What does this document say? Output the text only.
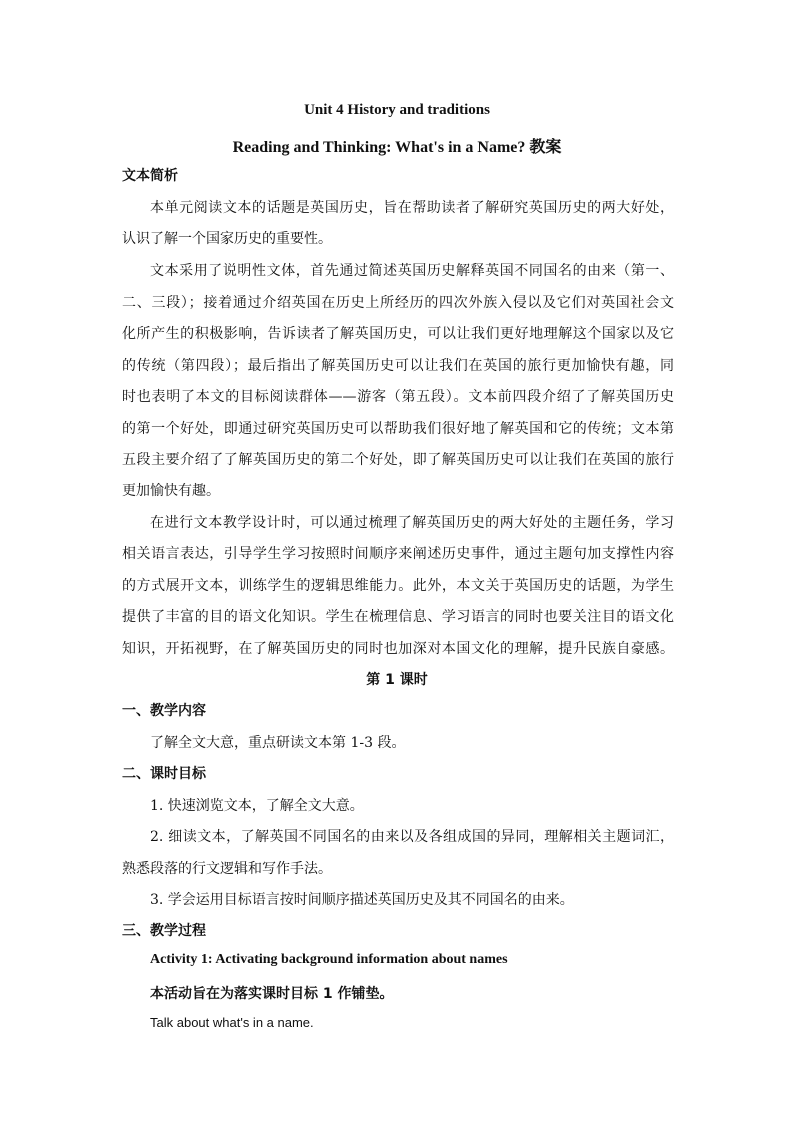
Unit 4 History and traditions
Reading and Thinking: What's in a Name? 教案
文本简析
本单元阅读文本的话题是英国历史，旨在帮助读者了解研究英国历史的两大好处，
认识了解一个国家历史的重要性。
文本采用了说明性文体，首先通过简述英国历史解释英国不同国名的由来（第一、
二、三段）；接着通过介绍英国在历史上所经历的四次外族入侵以及它们对英国社会文
化所产生的积极影响，告诉读者了解英国历史，可以让我们更好地理解这个国家以及它
的传统（第四段）；最后指出了解英国历史可以让我们在英国的旅行更加愉快有趣，同
时也表明了本文的目标阅读群体——游客（第五段）。文本前四段介绍了了解英国历史
的第一个好处，即通过研究英国历史可以帮助我们很好地了解英国和它的传统；文本第
五段主要介绍了了解英国历史的第二个好处，即了解英国历史可以让我们在英国的旅行
更加愉快有趣。
在进行文本教学设计时，可以通过梳理了解英国历史的两大好处的主题任务，学习
相关语言表达，引导学生学习按照时间顺序来阐述历史事件，通过主题句加支撑性内容
的方式展开文本，训练学生的逻辑思维能力。此外，本文关于英国历史的话题，为学生
提供了丰富的目的语文化知识。学生在梳理信息、学习语言的同时也要关注目的语文化
知识，开拓视野，在了解英国历史的同时也加深对本国文化的理解，提升民族自豪感。
第 1 课时
一、教学内容
了解全文大意，重点研读文本第 1-3 段。
二、课时目标
1. 快速浏览文本，了解全文大意。
2. 细读文本，了解英国不同国名的由来以及各组成国的异同，理解相关主题词汇，
熟悉段落的行文逻辑和写作手法。
3. 学会运用目标语言按时间顺序描述英国历史及其不同国名的由来。
三、教学过程
Activity 1: Activating background information about names
本活动旨在为落实课时目标 1 作铺垫。
Talk about what's in a name.
